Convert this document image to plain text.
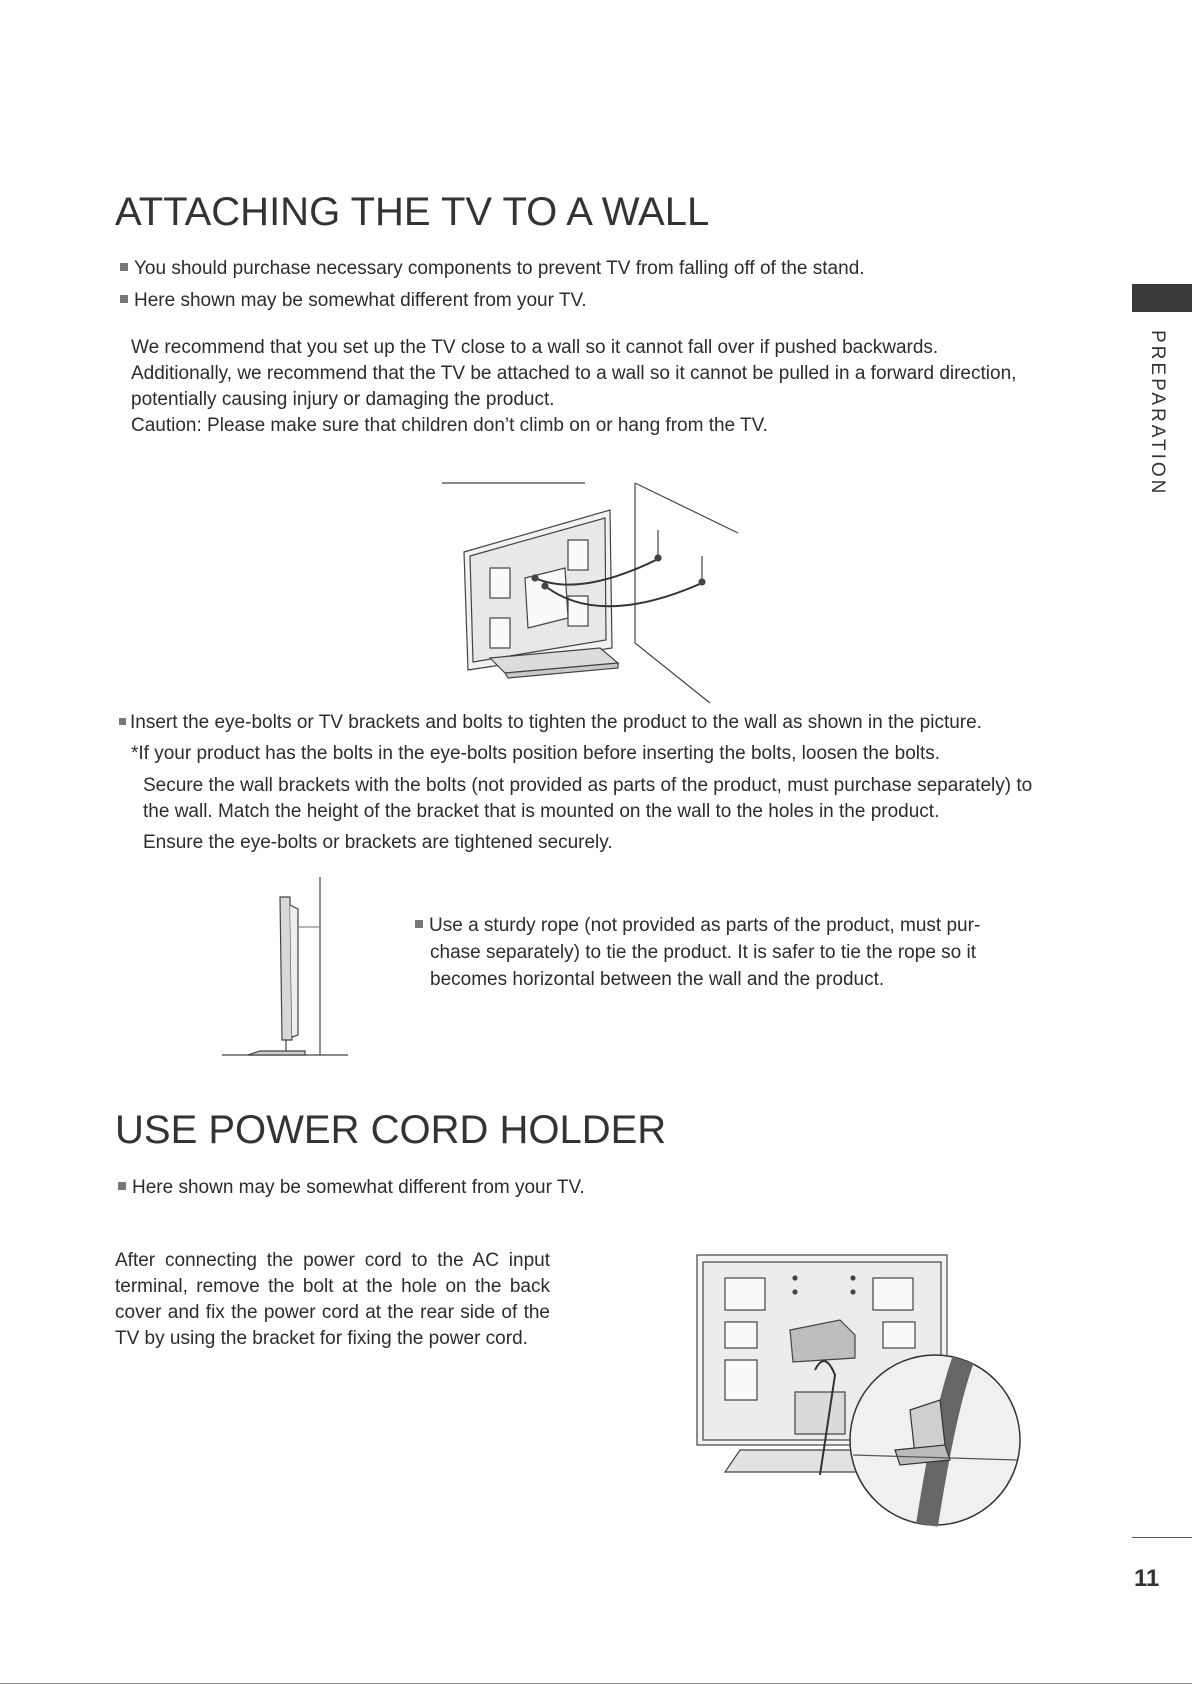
PREPARATION
ATTACHING THE TV TO A WALL
You should purchase necessary components to prevent TV from falling off of the stand.
Here shown may be somewhat different from your TV.
We recommend that you set up the TV close to a wall so it cannot fall over if pushed backwards.
Additionally, we recommend that the TV be attached to a wall so it cannot be pulled in a forward direction,
potentially causing injury or damaging the product.
Caution: Please make sure that children don’t climb on or hang from the TV.
Insert the eye-bolts or TV brackets and bolts to tighten the product to the wall as shown in the picture.
*If your product has the bolts in the eye-bolts position before inserting the bolts, loosen the bolts.
Secure the wall brackets with the bolts (not provided as parts of the product, must purchase separately) to
the wall. Match the height of the bracket that is mounted on the wall to the holes in the product.
Ensure the eye-bolts or brackets are tightened securely.
Use a sturdy rope (not provided as parts of the product, must pur-
chase separately) to tie the product. It is safer to tie the rope so it
becomes horizontal between the wall and the product.
USE POWER CORD HOLDER
Here shown may be somewhat different from your TV.
After connecting the power cord to the AC input terminal, remove the bolt at the hole on the back cover and fix the power cord at the rear side of the TV by using the bracket for fixing the power cord.
11
